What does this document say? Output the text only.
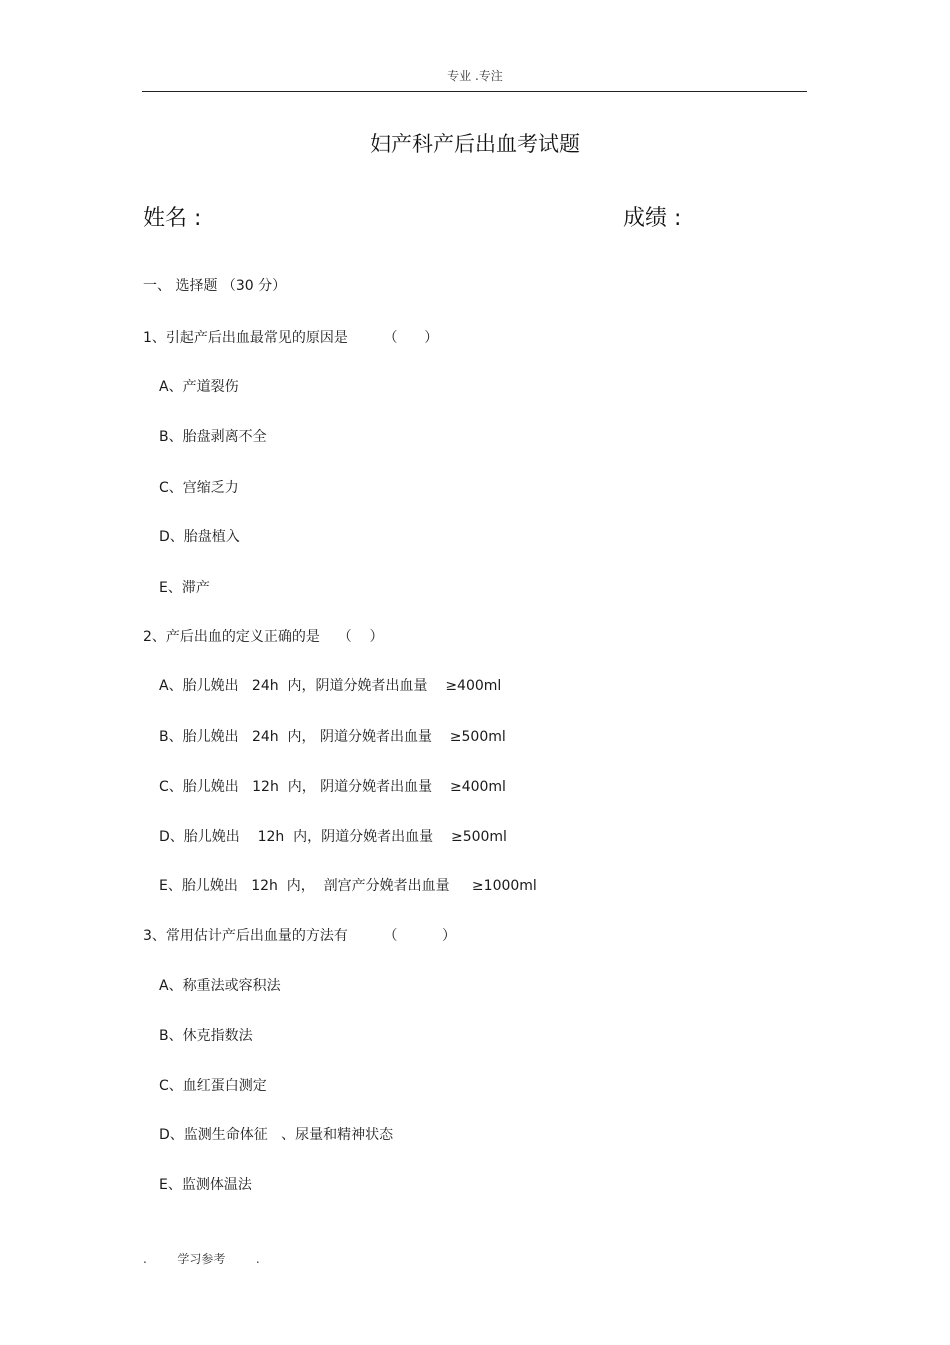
专业 .专注
妇产科产后出血考试题
姓名 :	成绩 :
一、 选择题 （30 分）
1、引起产后出血最常见的原因是        （      ）
A、产道裂伤
B、胎盘剥离不全
C、宫缩乏力
D、胎盘植入
E、滞产
2、产后出血的定义正确的是    （    ）
A、胎儿娩出   24h  内，阴道分娩者出血量    ≥400ml
B、胎儿娩出   24h  内， 阴道分娩者出血量    ≥500ml
C、胎儿娩出   12h  内， 阴道分娩者出血量    ≥400ml
D、胎儿娩出    12h  内，阴道分娩者出血量    ≥500ml
E、胎儿娩出   12h  内，  剖宫产分娩者出血量     ≥1000ml
3、常用估计产后出血量的方法有        （          ）
A、称重法或容积法
B、休克指数法
C、血红蛋白测定
D、监测生命体征   、尿量和精神状态
E、监测体温法
.        学习参考        .
